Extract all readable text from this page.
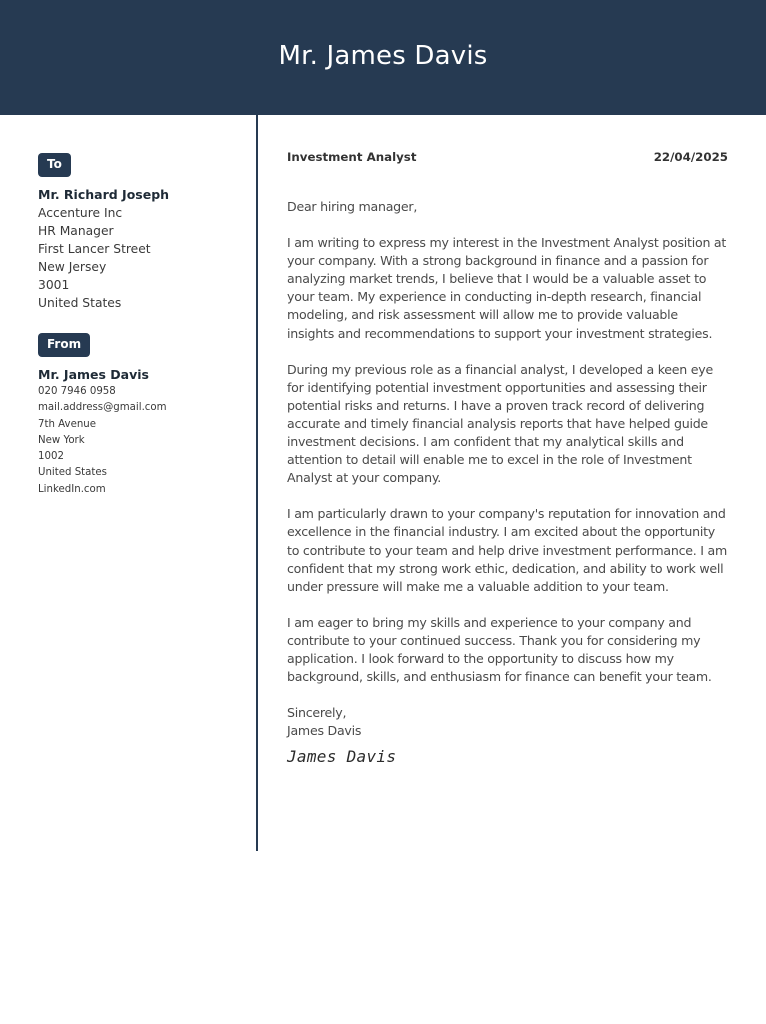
Mr. James Davis
To
Mr. Richard Joseph
Accenture Inc
HR Manager
First Lancer Street
New Jersey
3001
United States
From
Mr. James Davis
020 7946 0958
mail.address@gmail.com
7th Avenue
New York
1002
United States
LinkedIn.com
Investment Analyst	22/04/2025

Dear hiring manager,

I am writing to express my interest in the Investment Analyst position at your company. With a strong background in finance and a passion for analyzing market trends, I believe that I would be a valuable asset to your team. My experience in conducting in-depth research, financial modeling, and risk assessment will allow me to provide valuable insights and recommendations to support your investment strategies.

During my previous role as a financial analyst, I developed a keen eye for identifying potential investment opportunities and assessing their potential risks and returns. I have a proven track record of delivering accurate and timely financial analysis reports that have helped guide investment decisions. I am confident that my analytical skills and attention to detail will enable me to excel in the role of Investment Analyst at your company.

I am particularly drawn to your company's reputation for innovation and excellence in the financial industry. I am excited about the opportunity to contribute to your team and help drive investment performance. I am confident that my strong work ethic, dedication, and ability to work well under pressure will make me a valuable addition to your team.

I am eager to bring my skills and experience to your company and contribute to your continued success. Thank you for considering my application. I look forward to the opportunity to discuss how my background, skills, and enthusiasm for finance can benefit your team.

Sincerely,

James Davis

James Davis
